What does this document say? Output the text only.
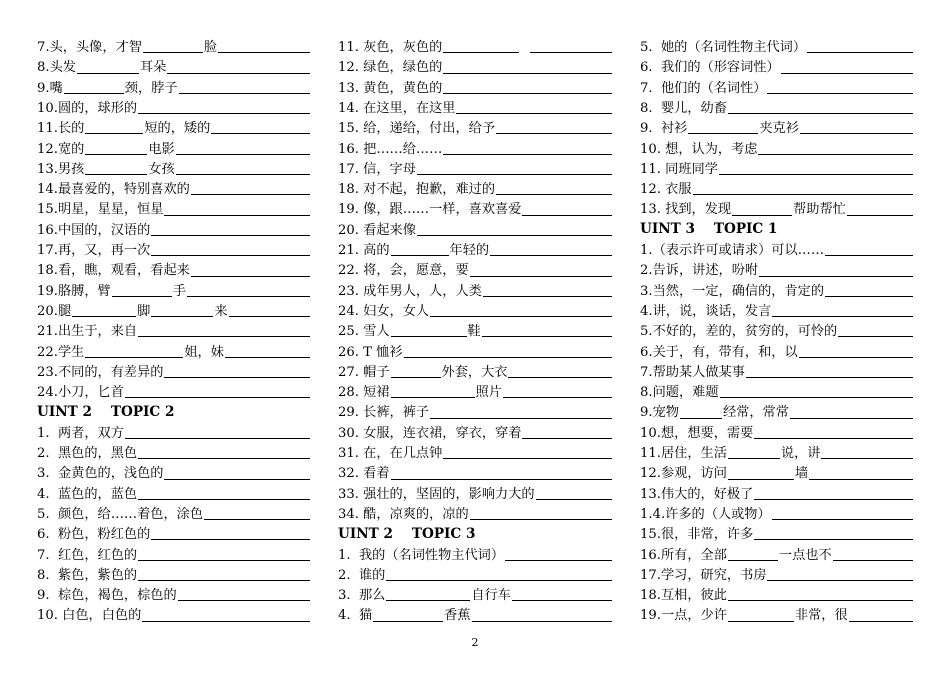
7.头，头像，才智	脸
8.头发	耳朵
9.嘴	颈，脖子
10.圆的，球形的
11.长的	短的，矮的
12.宽的	电影
13.男孩	女孩
14.最喜爱的，特别喜欢的
15.明星，星星，恒星
16.中国的，汉语的
17.再，又，再一次
18.看，瞧，观看，看起来
19.胳膊，臂	手
20.腿	脚	来
21.出生于，来自
22.学生	姐，妹
23.不同的，有差异的
24.小刀，匕首
UINT 2    TOPIC 2
1.  两者，双方
2.  黑色的，黑色
3.  金黄色的，浅色的
4.  蓝色的，蓝色
5.  颜色，给……着色，涂色
6.  粉色，粉红色的
7.  红色，红色的
8.  紫色，紫色的
9.  棕色，褐色，棕色的
10. 白色，白色的
11. 灰色，灰色的

12. 绿色，绿色的
13. 黄色，黄色的
14. 在这里，在这里
15. 给，递给，付出，给予
16. 把……给……
17. 信，字母
18. 对不起，抱歉，难过的
19. 像，跟……一样，喜欢喜爱
20. 看起来像
21. 高的	年轻的
22. 将，会，愿意，要
23. 成年男人，人，人类
24. 妇女，女人
25. 雪人	鞋
26. T 恤衫
27. 帽子	外套，大衣
28. 短裙	照片
29. 长裤，裤子
30. 女服，连衣裙，穿衣，穿着
31. 在，在几点钟
32. 看着
33. 强壮的，坚固的，影响力大的
34. 酷，凉爽的，凉的
UINT 2    TOPIC 3
1.  我的（名词性物主代词）
2.  谁的
3.  那么	自行车
4.  猫	香蕉
5.  她的（名词性物主代词）
6.  我们的（形容词性）
7.  他们的（名词性）
8.  婴儿，幼畜
9.  衬衫	夹克衫
10. 想，认为，考虑
11. 同班同学
12. 衣服
13. 找到，发现	帮助帮忙
UINT 3    TOPIC 1
1.（表示许可或请求）可以……
2.告诉，讲述，吩咐
3.当然，一定，确信的，肯定的
4.讲，说，谈话，发言
5.不好的，差的，贫穷的，可怜的
6.关于，有，带有，和，以
7.帮助某人做某事
8.问题，难题
9.宠物	经常，常常
10.想，想要，需要
11.居住，生活	说，讲
12.参观，访问	墙
13.伟大的，好极了
1.4.许多的（人或物）
15.很，非常，许多
16.所有，全部	一点也不
17.学习，研究，书房
18.互相，彼此
19.一点，少许	非常，很
2
